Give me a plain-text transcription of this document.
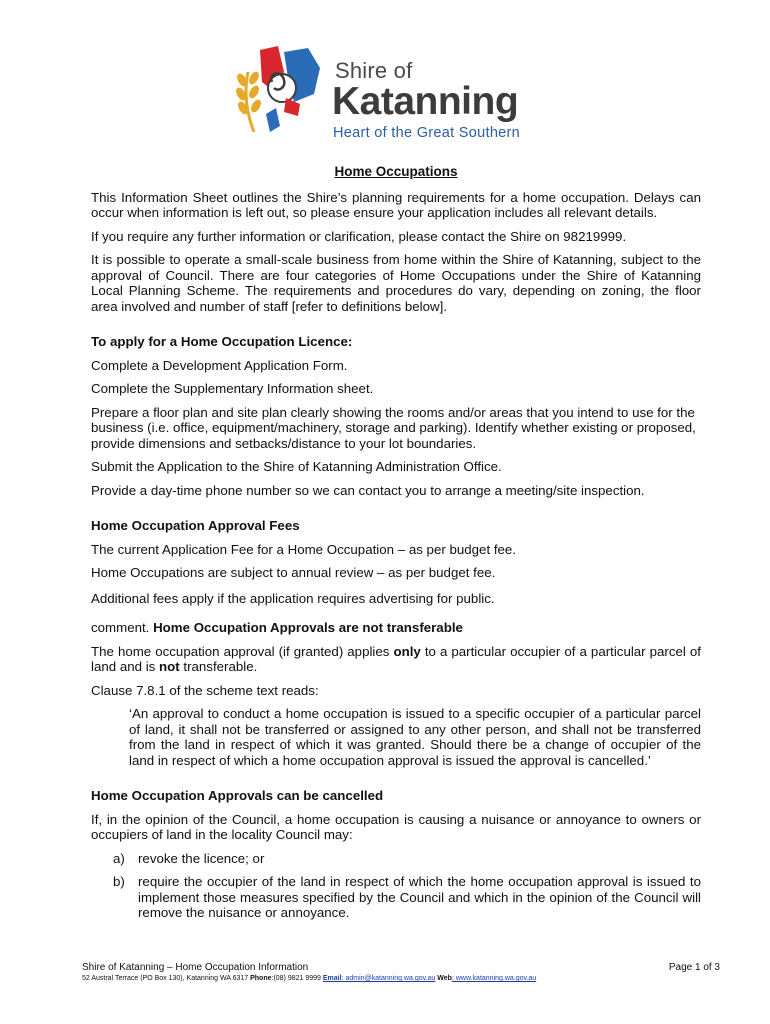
Shire of
Katanning
Heart of the Great Southern
Home Occupations

This Information Sheet outlines the Shire’s planning requirements for a home occupation. Delays can occur when information is left out, so please ensure your application includes all relevant details.

If you require any further information or clarification, please contact the Shire on 98219999.

It is possible to operate a small-scale business from home within the Shire of Katanning, subject to the approval of Council. There are four categories of Home Occupations under the Shire of Katanning Local Planning Scheme. The requirements and procedures do vary, depending on zoning, the floor area involved and number of staff [refer to definitions below].

To apply for a Home Occupation Licence:

Complete a Development Application Form.

Complete the Supplementary Information sheet.

Prepare a floor plan and site plan clearly showing the rooms and/or areas that you intend to use for the business (i.e. office, equipment/machinery, storage and parking). Identify whether existing or proposed, provide dimensions and setbacks/distance to your lot boundaries.

Submit the Application to the Shire of Katanning Administration Office.

Provide a day-time phone number so we can contact you to arrange a meeting/site inspection.

Home Occupation Approval Fees

The current Application Fee for a Home Occupation – as per budget fee.

Home Occupations are subject to annual review – as per budget fee.

Additional fees apply if the application requires advertising for public.

comment. Home Occupation Approvals are not transferable

The home occupation approval (if granted) applies only to a particular occupier of a particular parcel of land and is not transferable.

Clause 7.8.1 of the scheme text reads:

‘An approval to conduct a home occupation is issued to a specific occupier of a particular parcel of land, it shall not be transferred or assigned to any other person, and shall not be transferred from the land in respect of which it was granted. Should there be a change of occupier of the land in respect of which a home occupation approval is issued the approval is cancelled.’

Home Occupation Approvals can be cancelled

If, in the opinion of the Council, a home occupation is causing a nuisance or annoyance to owners or occupiers of land in the locality Council may:

a) revoke the licence; or
b) require the occupier of the land in respect of which the home occupation approval is issued to implement those measures specified by the Council and which in the opinion of the Council will remove the nuisance or annoyance.
Shire of Katanning – Home Occupation Information	Page 1 of 3
52 Austral Terrace (PO Box 130), Katanning WA 6317 Phone:(08) 9821 9999 Email: admin@katanning.wa.gov.au Web: www.katanning.wa.gov.au
